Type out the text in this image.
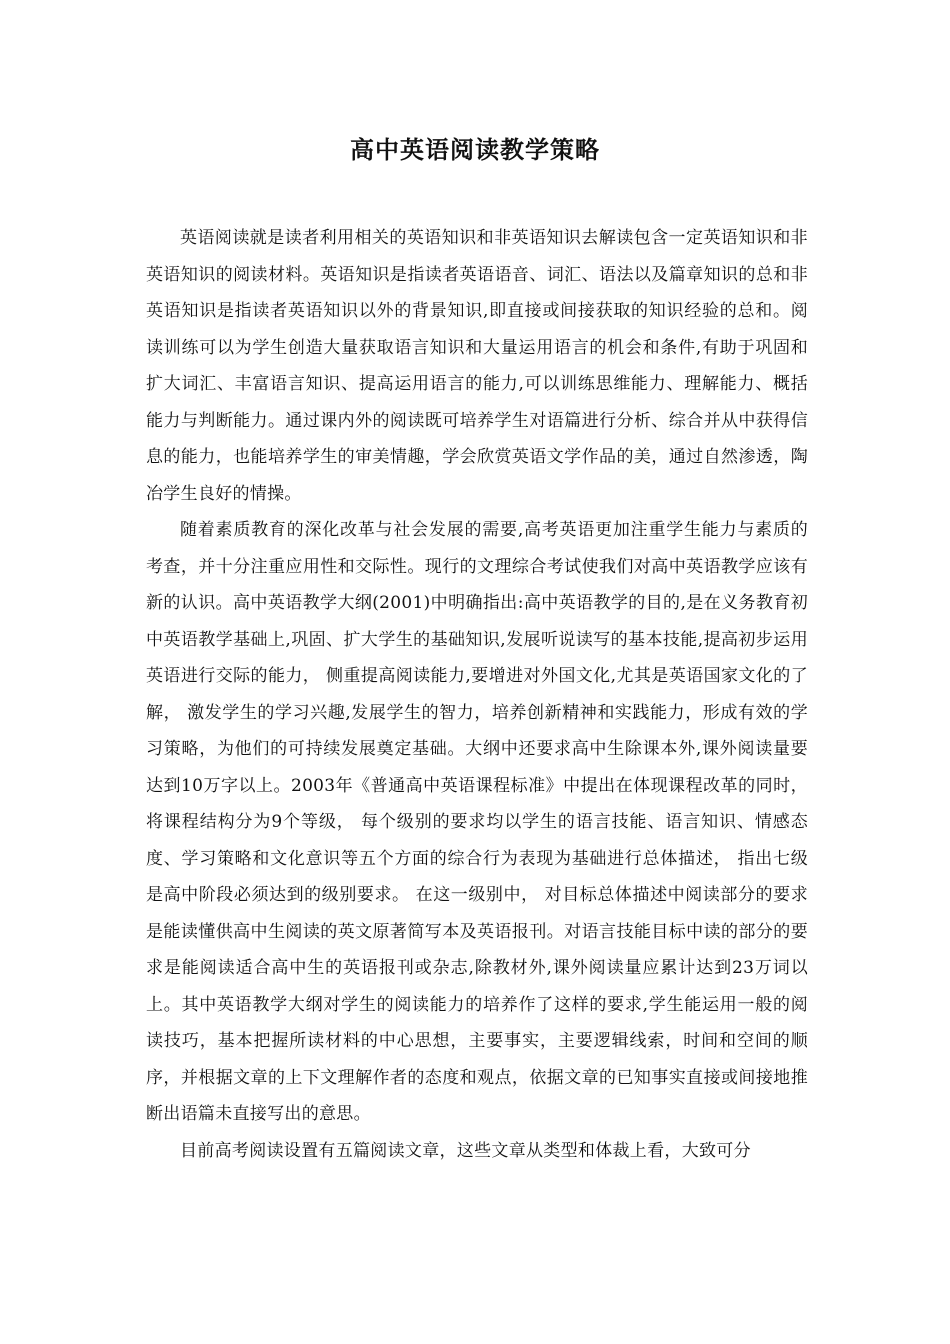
高中英语阅读教学策略

英语阅读就是读者利用相关的英语知识和非英语知识去解读包含一定英语知识和非英语知识的阅读材料。英语知识是指读者英语语音、词汇、语法以及篇章知识的总和非英语知识是指读者英语知识以外的背景知识,即直接或间接获取的知识经验的总和。阅读训练可以为学生创造大量获取语言知识和大量运用语言的机会和条件,有助于巩固和扩大词汇、丰富语言知识、提高运用语言的能力,可以训练思维能力、理解能力、概括能力与判断能力。通过课内外的阅读既可培养学生对语篇进行分析、综合并从中获得信息的能力，也能培养学生的审美情趣，学会欣赏英语文学作品的美，通过自然渗透，陶冶学生良好的情操。

随着素质教育的深化改革与社会发展的需要,高考英语更加注重学生能力与素质的考查，并十分注重应用性和交际性。现行的文理综合考试使我们对高中英语教学应该有新的认识。高中英语教学大纲(2001)中明确指出:高中英语教学的目的,是在义务教育初中英语教学基础上,巩固、扩大学生的基础知识,发展听说读写的基本技能,提高初步运用英语进行交际的能力， 侧重提高阅读能力,要增进对外国文化,尤其是英语国家文化的了解， 激发学生的学习兴趣,发展学生的智力，培养创新精神和实践能力，形成有效的学习策略，为他们的可持续发展奠定基础。大纲中还要求高中生除课本外,课外阅读量要达到10万字以上。2003年《普通高中英语课程标准》中提出在体现课程改革的同时，将课程结构分为9个等级， 每个级别的要求均以学生的语言技能、语言知识、情感态度、学习策略和文化意识等五个方面的综合行为表现为基础进行总体描述， 指出七级是高中阶段必须达到的级别要求。 在这一级别中， 对目标总体描述中阅读部分的要求是能读懂供高中生阅读的英文原著简写本及英语报刊。对语言技能目标中读的部分的要求是能阅读适合高中生的英语报刊或杂志,除教材外,课外阅读量应累计达到23万词以上。其中英语教学大纲对学生的阅读能力的培养作了这样的要求,学生能运用一般的阅读技巧，基本把握所读材料的中心思想，主要事实，主要逻辑线索，时间和空间的顺序，并根据文章的上下文理解作者的态度和观点，依据文章的已知事实直接或间接地推断出语篇未直接写出的意思。

目前高考阅读设置有五篇阅读文章，这些文章从类型和体裁上看，大致可分
